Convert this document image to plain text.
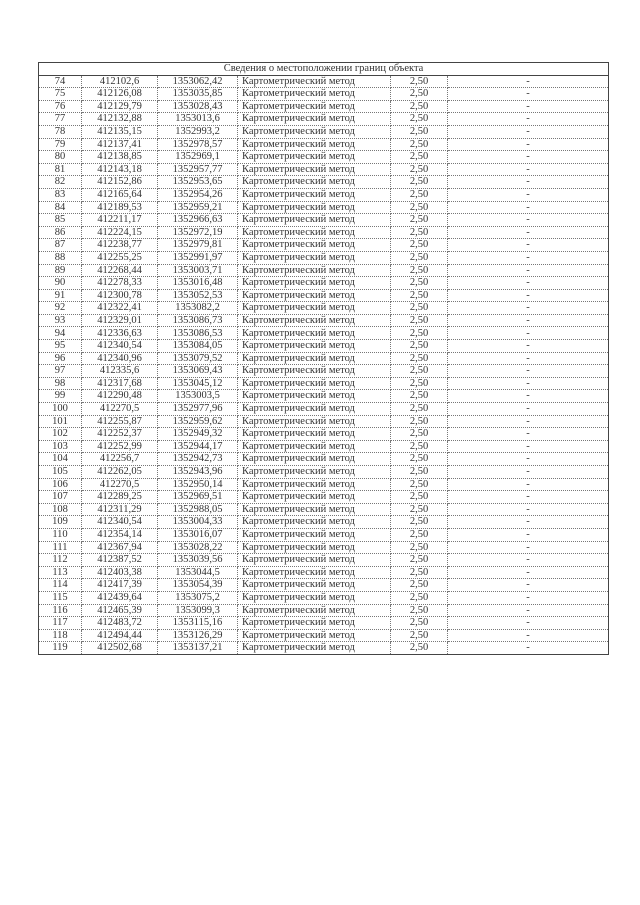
Сведения о местоположении границ объекта					
74	412102,6	1353062,42	Картометрический метод	2,50	-
75	412126,08	1353035,85	Картометрический метод	2,50	-
76	412129,79	1353028,43	Картометрический метод	2,50	-
77	412132,88	1353013,6	Картометрический метод	2,50	-
78	412135,15	1352993,2	Картометрический метод	2,50	-
79	412137,41	1352978,57	Картометрический метод	2,50	-
80	412138,85	1352969,1	Картометрический метод	2,50	-
81	412143,18	1352957,77	Картометрический метод	2,50	-
82	412152,86	1352953,65	Картометрический метод	2,50	-
83	412165,64	1352954,26	Картометрический метод	2,50	-
84	412189,53	1352959,21	Картометрический метод	2,50	-
85	412211,17	1352966,63	Картометрический метод	2,50	-
86	412224,15	1352972,19	Картометрический метод	2,50	-
87	412238,77	1352979,81	Картометрический метод	2,50	-
88	412255,25	1352991,97	Картометрический метод	2,50	-
89	412268,44	1353003,71	Картометрический метод	2,50	-
90	412278,33	1353016,48	Картометрический метод	2,50	-
91	412300,78	1353052,53	Картометрический метод	2,50	-
92	412322,41	1353082,2	Картометрический метод	2,50	-
93	412329,01	1353086,73	Картометрический метод	2,50	-
94	412336,63	1353086,53	Картометрический метод	2,50	-
95	412340,54	1353084,05	Картометрический метод	2,50	-
96	412340,96	1353079,52	Картометрический метод	2,50	-
97	412335,6	1353069,43	Картометрический метод	2,50	-
98	412317,68	1353045,12	Картометрический метод	2,50	-
99	412290,48	1353003,5	Картометрический метод	2,50	-
100	412270,5	1352977,96	Картометрический метод	2,50	-
101	412255,87	1352959,62	Картометрический метод	2,50	-
102	412252,37	1352949,32	Картометрический метод	2,50	-
103	412252,99	1352944,17	Картометрический метод	2,50	-
104	412256,7	1352942,73	Картометрический метод	2,50	-
105	412262,05	1352943,96	Картометрический метод	2,50	-
106	412270,5	1352950,14	Картометрический метод	2,50	-
107	412289,25	1352969,51	Картометрический метод	2,50	-
108	412311,29	1352988,05	Картометрический метод	2,50	-
109	412340,54	1353004,33	Картометрический метод	2,50	-
110	412354,14	1353016,07	Картометрический метод	2,50	-
111	412367,94	1353028,22	Картометрический метод	2,50	-
112	412387,52	1353039,56	Картометрический метод	2,50	-
113	412403,38	1353044,5	Картометрический метод	2,50	-
114	412417,39	1353054,39	Картометрический метод	2,50	-
115	412439,64	1353075,2	Картометрический метод	2,50	-
116	412465,39	1353099,3	Картометрический метод	2,50	-
117	412483,72	1353115,16	Картометрический метод	2,50	-
118	412494,44	1353126,29	Картометрический метод	2,50	-
119	412502,68	1353137,21	Картометрический метод	2,50	-
